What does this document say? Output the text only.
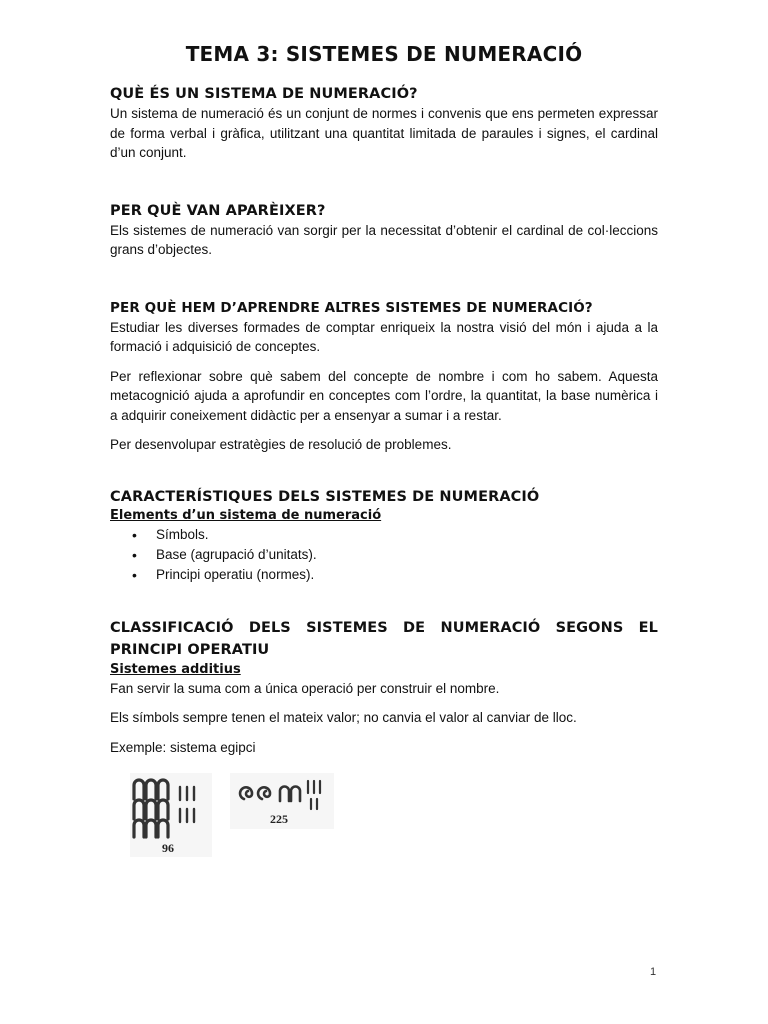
TEMA 3: SISTEMES DE NUMERACIÓ
QUÈ ÉS UN SISTEMA DE NUMERACIÓ?

Un sistema de numeració és un conjunt de normes i convenis que ens permeten expressar de forma verbal i gràfica, utilitzant una quantitat limitada de paraules i signes, el cardinal d’un conjunt.

PER QUÈ VAN APARÈIXER?

Els sistemes de numeració van sorgir per la necessitat d’obtenir el cardinal de col·leccions grans d’objectes.

PER QUÈ HEM D’APRENDRE ALTRES SISTEMES DE NUMERACIÓ?

Estudiar les diverses formades de comptar enriqueix la nostra visió del món i ajuda a la formació i adquisició de conceptes.

Per reflexionar sobre què sabem del concepte de nombre i com ho sabem. Aquesta metacognició ajuda a aprofundir en conceptes com l’ordre, la quantitat, la base numèrica i a adquirir coneixement didàctic per a ensenyar a sumar i a restar.

Per desenvolupar estratègies de resolució de problemes.

CARACTERÍSTIQUES DELS SISTEMES DE NUMERACIÓ
Elements d’un sistema de numeració
• Símbols.
• Base (agrupació d’unitats).
• Principi operatiu (normes).
CLASSIFICACIÓ DELS SISTEMES DE NUMERACIÓ SEGONS EL PRINCIPI OPERATIU
Sistemes additius

Fan servir la suma com a única operació per construir el nombre.

Els símbols sempre tenen el mateix valor; no canvia el valor al canviar de lloc.

Exemple: sistema egipci

96
225
1
